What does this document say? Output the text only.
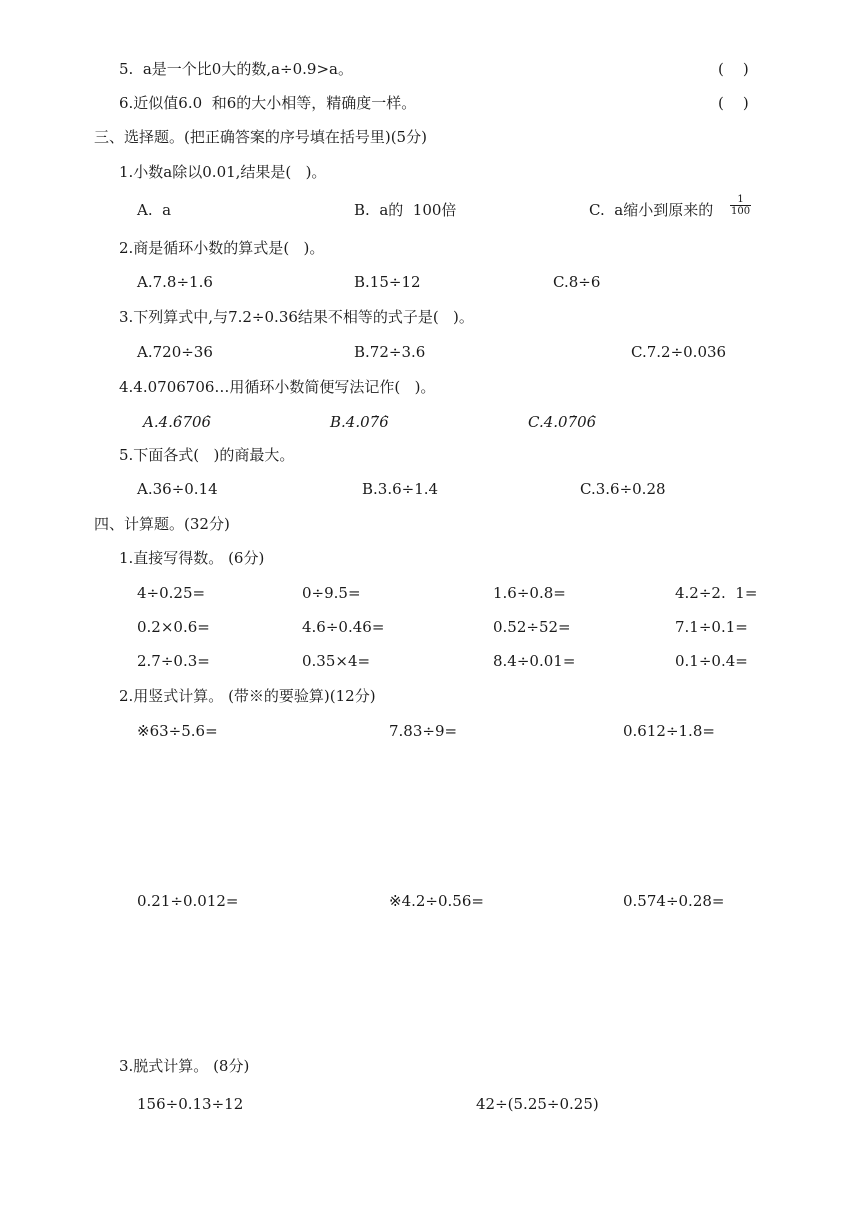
5.  a是一个比0大的数,a÷0.9>a。	(    )
6.近似值6.0  和6的大小相等，精确度一样。	(    )
三、选择题。(把正确答案的序号填在括号里)(5分)
1.小数a除以0.01,结果是(   )。
A.  a	B.  a的  100倍	C.  a缩小到原来的 $\frac{1}{100}$
2.商是循环小数的算式是(   )。
A.7.8÷1.6	B.15÷12	C.8÷6
3.下列算式中,与7.2÷0.36结果不相等的式子是(   )。
A.720÷36	B.72÷3.6	C.7.2÷0.036
4.4.0706706…用循环小数简便写法记作(   )。
A.4.6̇706̇	B.4.07̇6̇	C.4.07̇06̇
5.下面各式(   )的商最大。
A.36÷0.14	B.3.6÷1.4	C.3.6÷0.28
四、计算题。(32分)
1.直接写得数。 (6分)
4÷0.25=	0÷9.5=	1.6÷0.8=	4.2÷2.  1=
0.2×0.6=	4.6÷0.46=	0.52÷52=	7.1÷0.1=
2.7÷0.3=	0.35×4=	8.4÷0.01=	0.1÷0.4=
2.用竖式计算。 (带※的要验算)(12分)
※63÷5.6=	7.83÷9=	0.612÷1.8=
0.21÷0.012=	※4.2÷0.56=	0.574÷0.28=
3.脱式计算。 (8分)
156÷0.13÷12	42÷(5.25÷0.25)
